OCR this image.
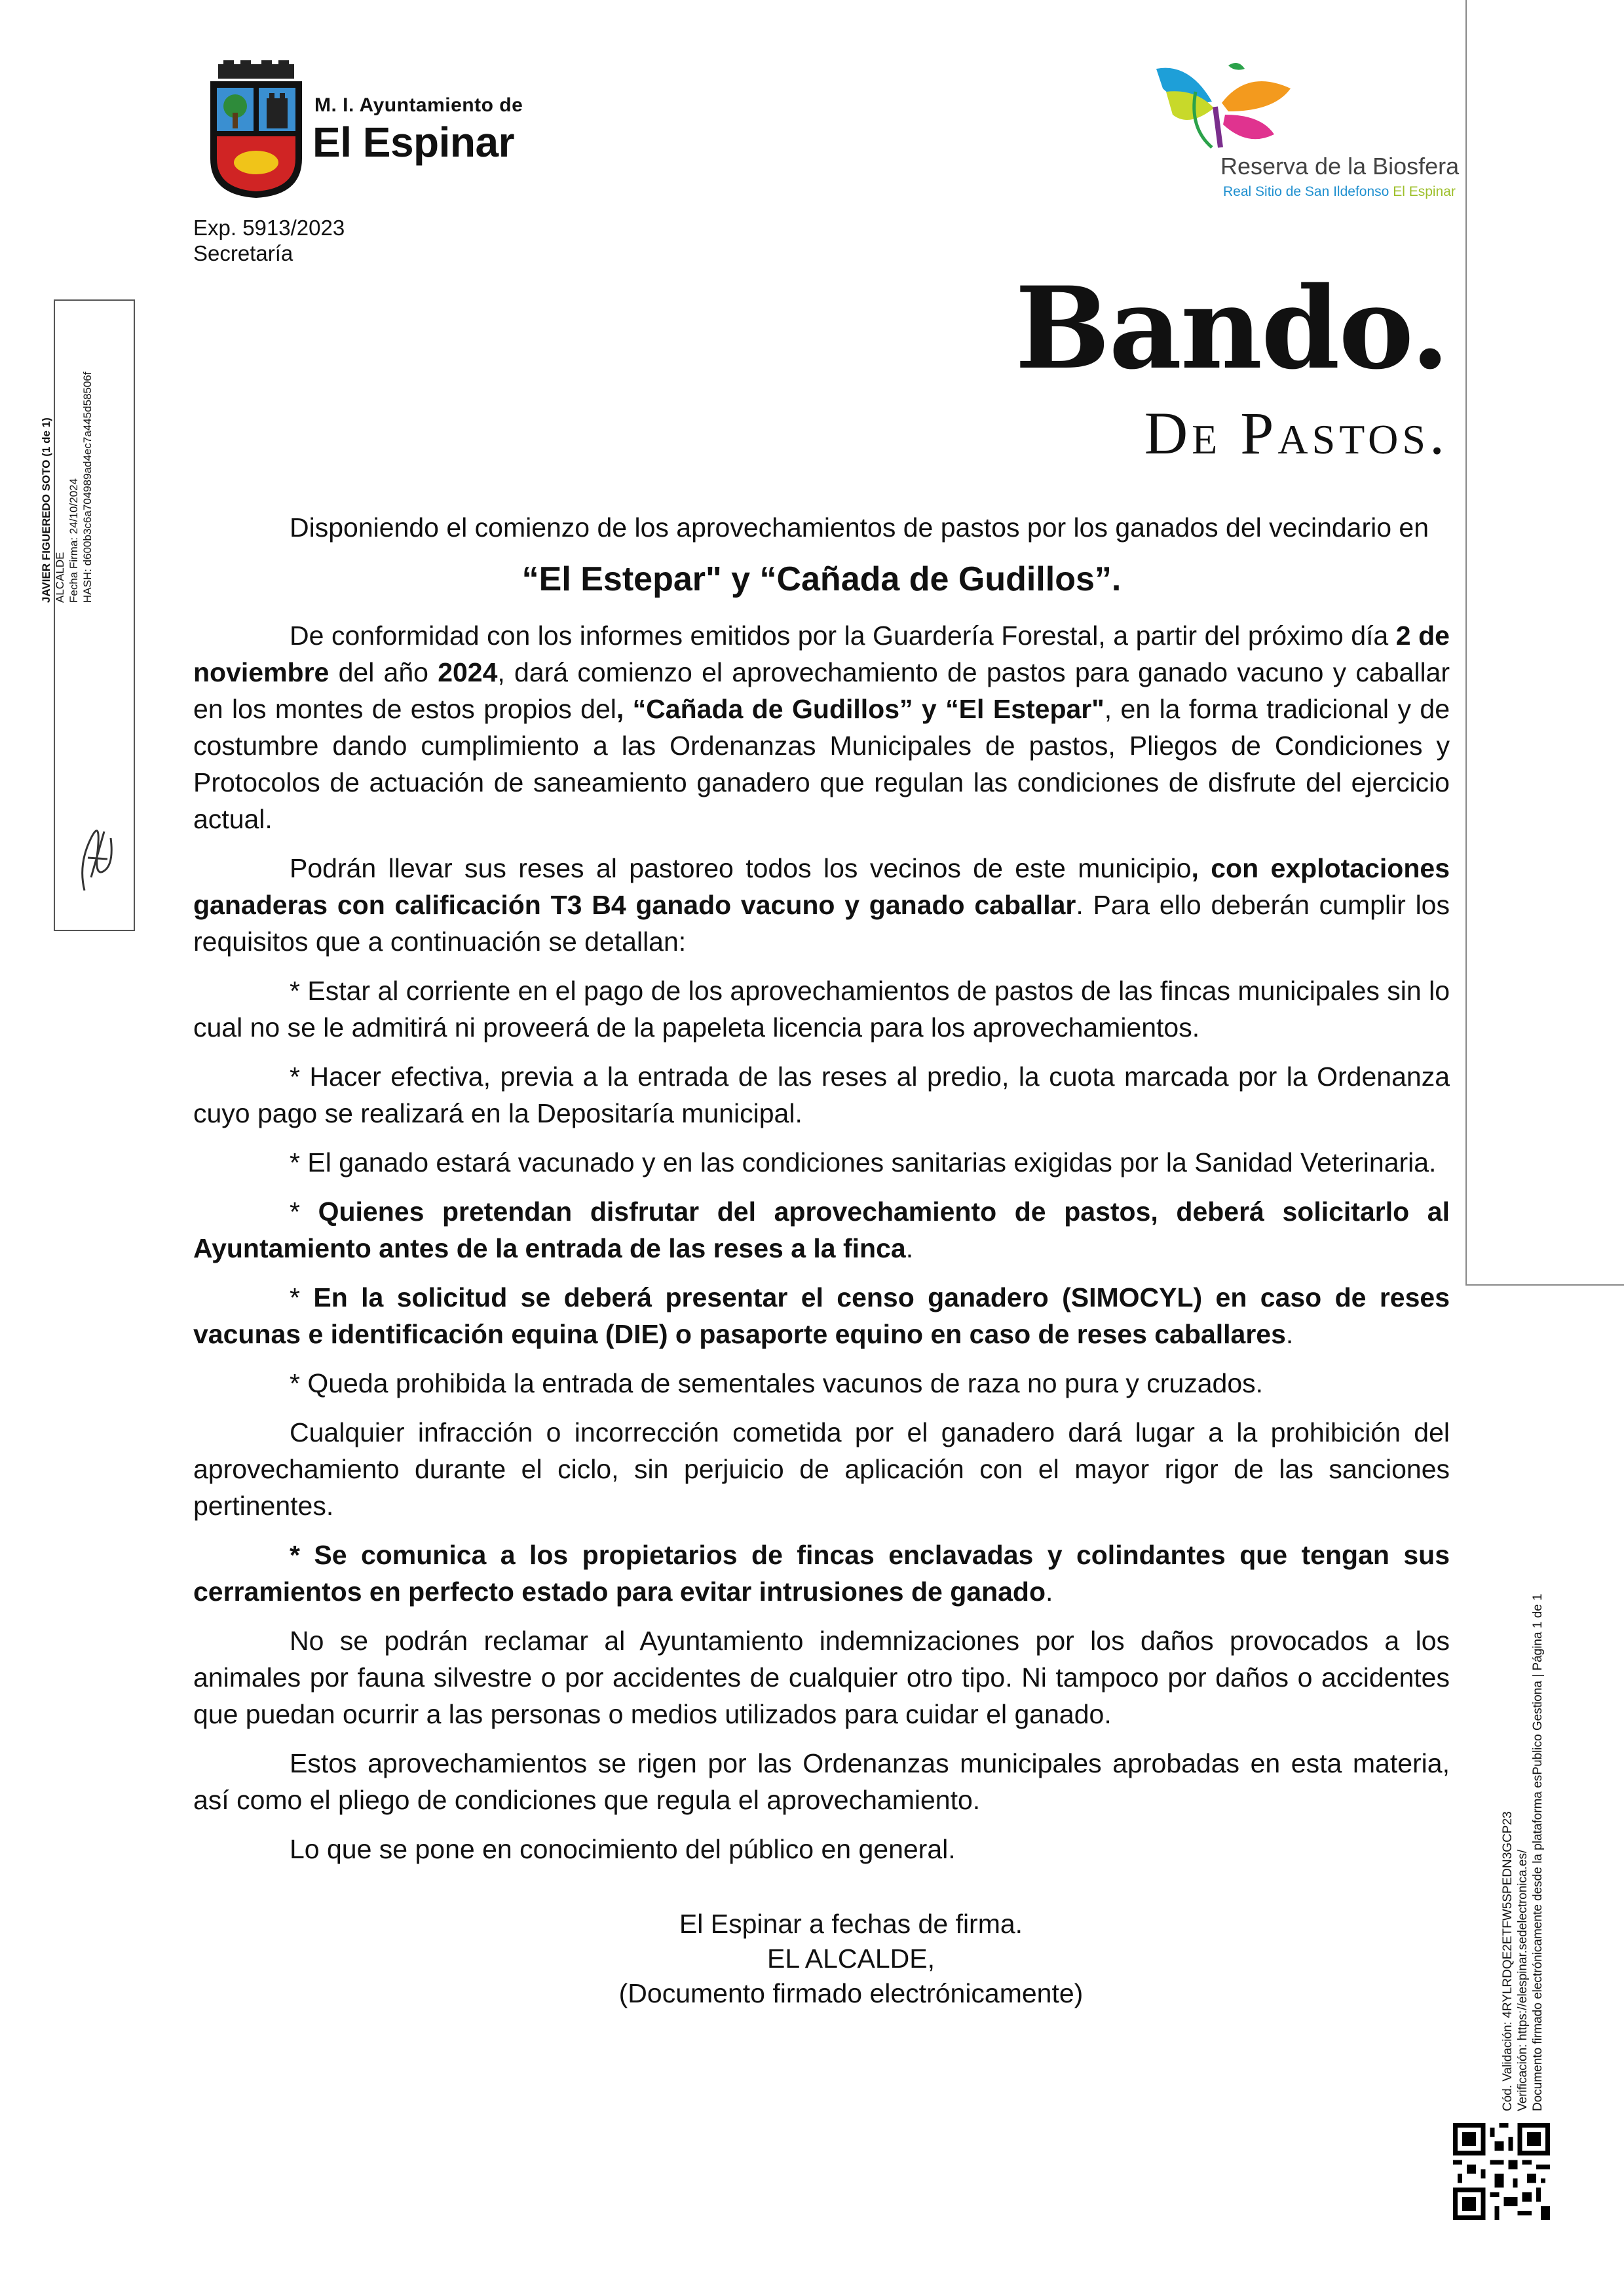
M. I. Ayuntamiento de
El Espinar
Reserva de la Biosfera
Real Sitio de San Ildefonso El Espinar
Exp. 5913/2023
Secretaría
Bando.
De Pastos.

Disponiendo el comienzo de los aprovechamientos de pastos por los ganados del vecindario en

“El Estepar" y “Cañada de Gudillos”.

De conformidad con los informes emitidos por la Guardería Forestal, a partir del próximo día 2 de noviembre del año 2024, dará comienzo el aprovechamiento de pastos para ganado vacuno y caballar en los montes de estos propios del, “Cañada de Gudillos” y “El Estepar", en la forma tradicional y de costumbre dando cumplimiento a las Ordenanzas Municipales de pastos, Pliegos de Condiciones y Protocolos de actuación de saneamiento ganadero que regulan las condiciones de disfrute del ejercicio actual.

Podrán llevar sus reses al pastoreo todos los vecinos de este municipio, con explotaciones ganaderas con calificación T3 B4 ganado vacuno y ganado caballar. Para ello deberán cumplir los requisitos que a continuación se detallan:

* Estar al corriente en el pago de los aprovechamientos de pastos de las fincas municipales sin lo cual no se le admitirá ni proveerá de la papeleta licencia para los aprovechamientos.

* Hacer efectiva, previa a la entrada de las reses al predio, la cuota marcada por la Ordenanza cuyo pago se realizará en la Depositaría municipal.

* El ganado estará vacunado y en las condiciones sanitarias exigidas por la Sanidad Veterinaria.

* Quienes pretendan disfrutar del aprovechamiento de pastos, deberá solicitarlo al Ayuntamiento antes de la entrada de las reses a la finca.

* En la solicitud se deberá presentar el censo ganadero (SIMOCYL) en caso de reses vacunas e identificación equina (DIE) o pasaporte equino en caso de reses caballares.

* Queda prohibida la entrada de sementales vacunos de raza no pura y cruzados.

Cualquier infracción o incorrección cometida por el ganadero dará lugar a la prohibición del aprovechamiento durante el ciclo, sin perjuicio de aplicación con el mayor rigor de las sanciones pertinentes.

* Se comunica a los propietarios de fincas enclavadas y colindantes que tengan sus cerramientos en perfecto estado para evitar intrusiones de ganado.

No se podrán reclamar al Ayuntamiento indemnizaciones por los daños provocados a los animales por fauna silvestre o por accidentes de cualquier otro tipo. Ni tampoco por daños o accidentes que puedan ocurrir a las personas o medios utilizados para cuidar el ganado.

Estos aprovechamientos se rigen por las Ordenanzas municipales aprobadas en esta materia, así como el pliego de condiciones que regula el aprovechamiento.

Lo que se pone en conocimiento del público en general.

El Espinar a fechas de firma.
EL ALCALDE,
(Documento firmado electrónicamente)

JAVIER FIGUEREDO SOTO (1 de 1) ALCALDE Fecha Firma: 24/10/2024 HASH: d600b3c6a704989ad4ec7a445d58506f
Cód. Validación: 4RYLRDQE2ETFW5SPEDN3GCP23 Verificación: https://elespinar.sedelectronica.es/ Documento firmado electrónicamente desde la plataforma esPublico Gestiona | Página 1 de 1
